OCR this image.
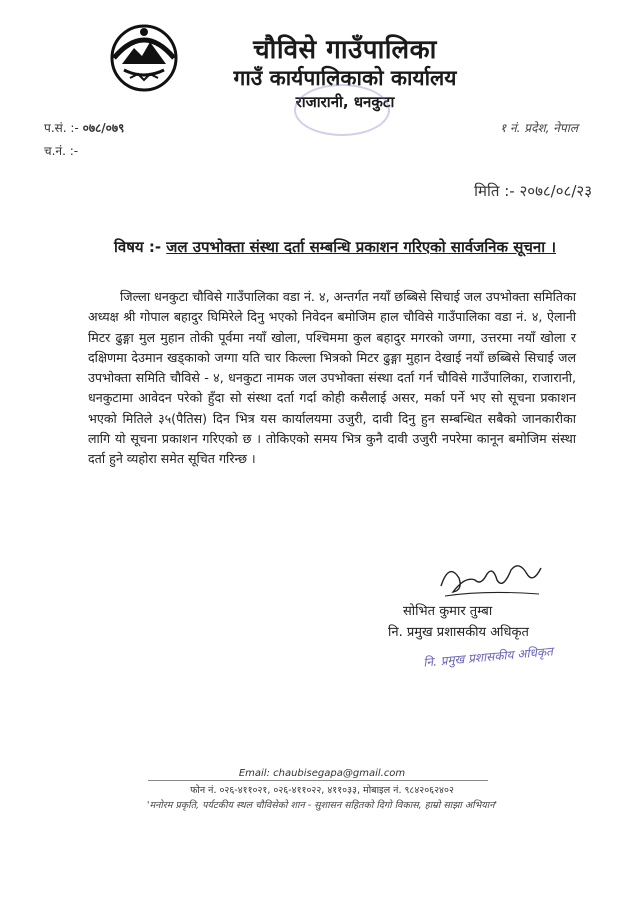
चौविसे गाउँपालिका
गाउँ कार्यपालिकाको कार्यालय
राजारानी, धनकुटा
प.सं. :- ०७८/०७९
च.नं. :-
१ नं. प्रदेश, नेपाल
मिति :- २०७८/०८/२३
विषय :- जल उपभोक्ता संस्था दर्ता सम्बन्धि प्रकाशन गरिएको सार्वजनिक सूचना ।
जिल्ला धनकुटा चौविसे गाउँपालिका वडा नं. ४, अन्तर्गत नयाँ छब्बिसे सिचाई जल उपभोक्ता समितिका अध्यक्ष श्री गोपाल बहादुर घिमिरेले दिनु भएको निवेदन बमोजिम हाल चौविसे गाउँपालिका वडा नं. ४, ऐलानी मिटर ढुङ्गा मुल मुहान तोकी पूर्वमा नयाँ खोला, पश्चिममा कुल बहादुर मगरको जग्गा, उत्तरमा नयाँ खोला र दक्षिणमा देउमान खड्काको जग्गा यति चार किल्ला भित्रको मिटर ढुङ्गा मुहान देखाई नयाँ छब्बिसे सिचाई जल उपभोक्ता समिति चौविसे - ४, धनकुटा नामक जल उपभोक्ता संस्था दर्ता गर्न चौविसे गाउँपालिका, राजारानी, धनकुटामा आवेदन परेको हुँदा सो संस्था दर्ता गर्दा कोही कसैलाई असर, मर्का पर्ने भए सो सूचना प्रकाशन भएको मितिले ३५(पैतिस) दिन भित्र यस कार्यालयमा उजुरी, दावी दिनु हुन सम्बन्धित सबैको जानकारीका लागि यो सूचना प्रकाशन गरिएको छ । तोकिएको समय भित्र कुनै दावी उजुरी नपरेमा कानून बमोजिम संस्था दर्ता हुने व्यहोरा समेत सूचित गरिन्छ ।
सोभित कुमार तुम्बा
नि. प्रमुख प्रशासकीय अधिकृत
नि. प्रमुख प्रशासकीय अधिकृत
Email: chaubisegapa@gmail.com
फोन नं. ०२६-४११०२१, ०२६-४११०२२, ४११०३३, मोबाइल नं. ९८४२०६२४०२
'मनोरम प्रकृति, पर्यटकीय स्थल चौविसेको शान - सुशासन सहितको दिगो विकास, हाम्रो साझा अभियान'
